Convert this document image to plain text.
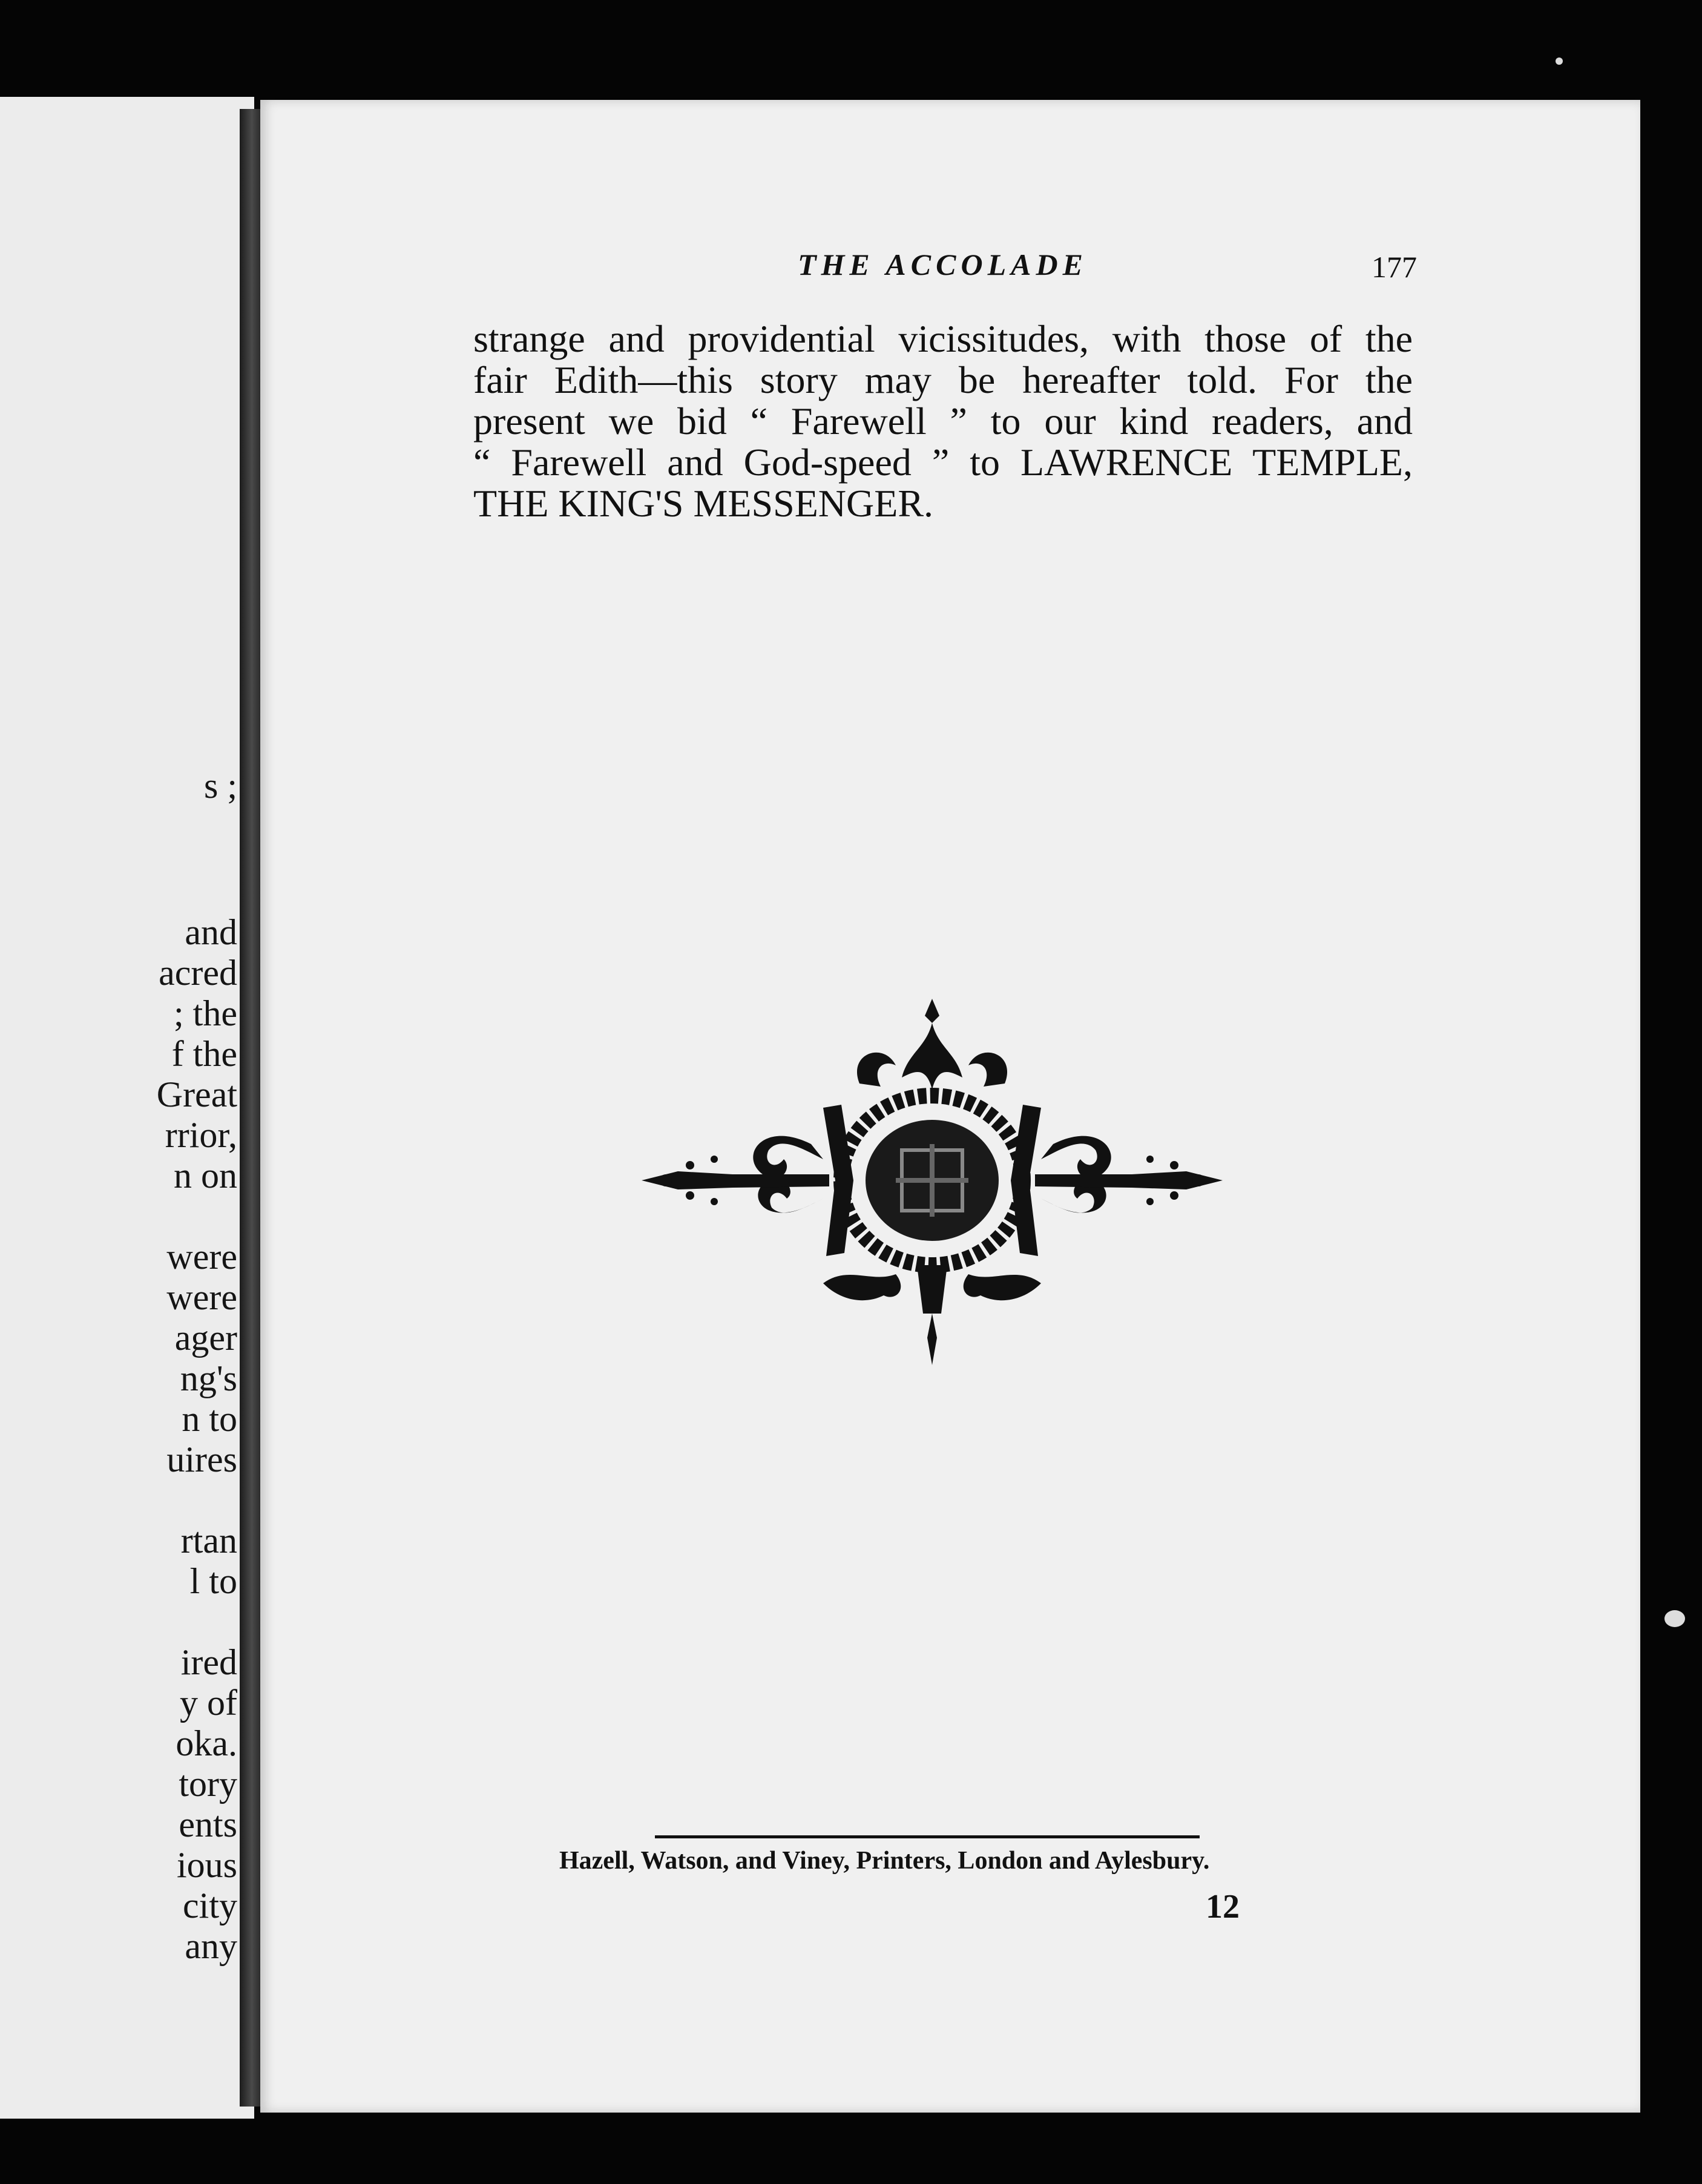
s ;

and

acred

; the

f the

Great

rrior,

n on

were

were

ager

ng's

n to

uires

rtan

l to

ired

y of

oka.

tory

ents

ious

city

any

THE ACCOLADE	177

strange and providential vicissitudes, with those of the

fair Edith—this story may be hereafter told. For the

present we bid “ Farewell ” to our kind readers, and

“ Farewell and God-speed ” to LAWRENCE TEMPLE,

THE KING'S MESSENGER.

Hazell, Watson, and Viney, Printers, London and Aylesbury.

12
